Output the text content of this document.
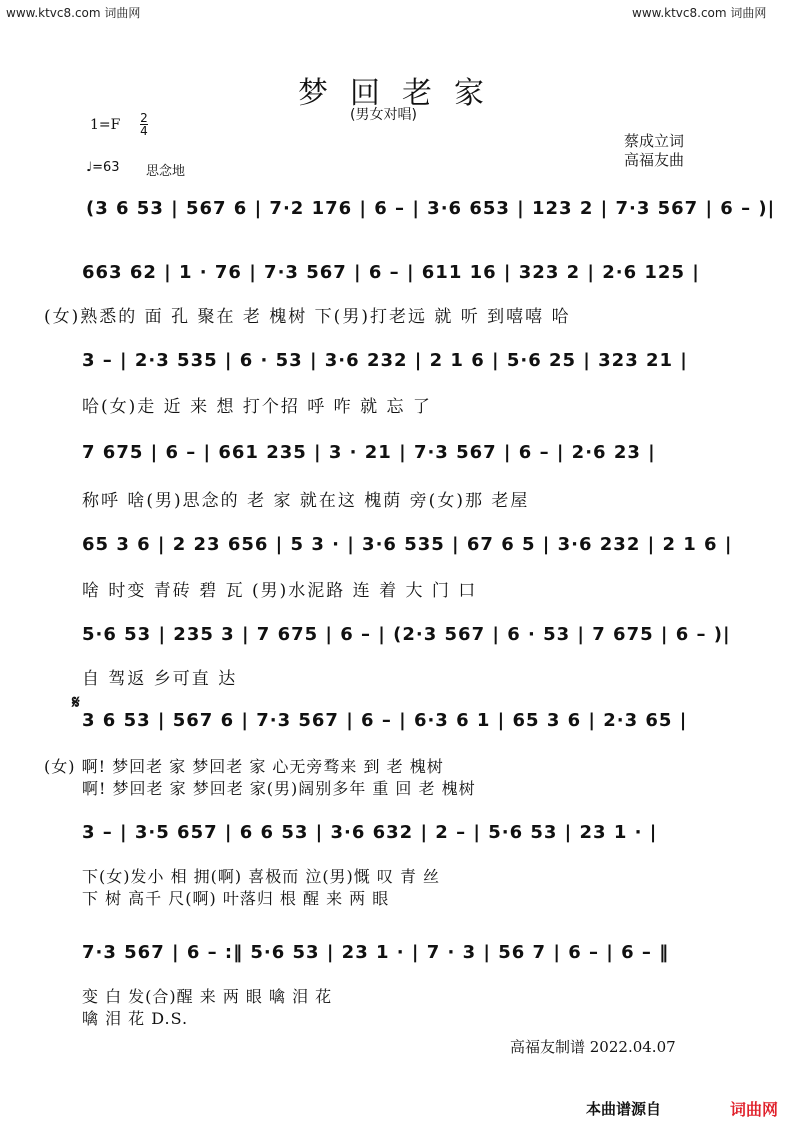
www.ktvc8.com 词曲网	www.ktvc8.com 词曲网
梦回老家
(男女对唱)
1=F 2
4
蔡成立词
高福友曲
♩=63 思念地
(3 6 53 | 567 6 | 7·2 176 | 6 – | 3·6 653 | 123 2 | 7·3 567 | 6 – )|
663 62 | 1 · 76 | 7·3 567 | 6 – | 611 16 | 323 2 | 2·6 125 |
(女)熟悉的 面 孔 聚在 老 槐树 下(男)打老远 就 听 到嘻嘻 哈
3 – | 2·3 535 | 6 · 53 | 3·6 232 | 2 1 6 | 5·6 25 | 323 21 |
哈(女)走 近 来 想 打个招 呼 咋 就 忘 了
7 675 | 6 – | 661 235 | 3 · 21 | 7·3 567 | 6 – | 2·6 23 |
称呼 啥(男)思念的 老 家 就在这 槐荫 旁(女)那 老屋
65 3 6 | 2 23 656 | 5 3 · | 3·6 535 | 67 6 5 | 3·6 232 | 2 1 6 |
啥 时变 青砖 碧 瓦 (男)水泥路 连 着 大 门 口
5·6 53 | 235 3 | 7 675 | 6 – | (2·3 567 | 6 · 53 | 7 675 | 6 – )|
自 驾返 乡可直 达
𝄋
3 6 53 | 567 6 | 7·3 567 | 6 – | 6·3 6 1 | 65 3 6 | 2·3 65 |
(女) 啊! 梦回老 家 梦回老 家 心无旁骛来 到 老 槐树
啊! 梦回老 家 梦回老 家(男)阔别多年 重 回 老 槐树
3 – | 3·5 657 | 6 6 53 | 3·6 632 | 2 – | 5·6 53 | 23 1 · |
下(女)发小 相 拥(啊) 喜极而 泣(男)慨 叹 青 丝
下 树 高千 尺(啊) 叶落归 根 醒 来 两 眼
7·3 567 | 6 – :‖ 5·6 53 | 23 1 · | 7 · 3 | 56 7 | 6 – | 6 – ‖
变 白 发(合)醒 来 两 眼 噙 泪 花
噙 泪 花 D.S.
高福友制谱 2022.04.07
本曲谱源自	词曲网
